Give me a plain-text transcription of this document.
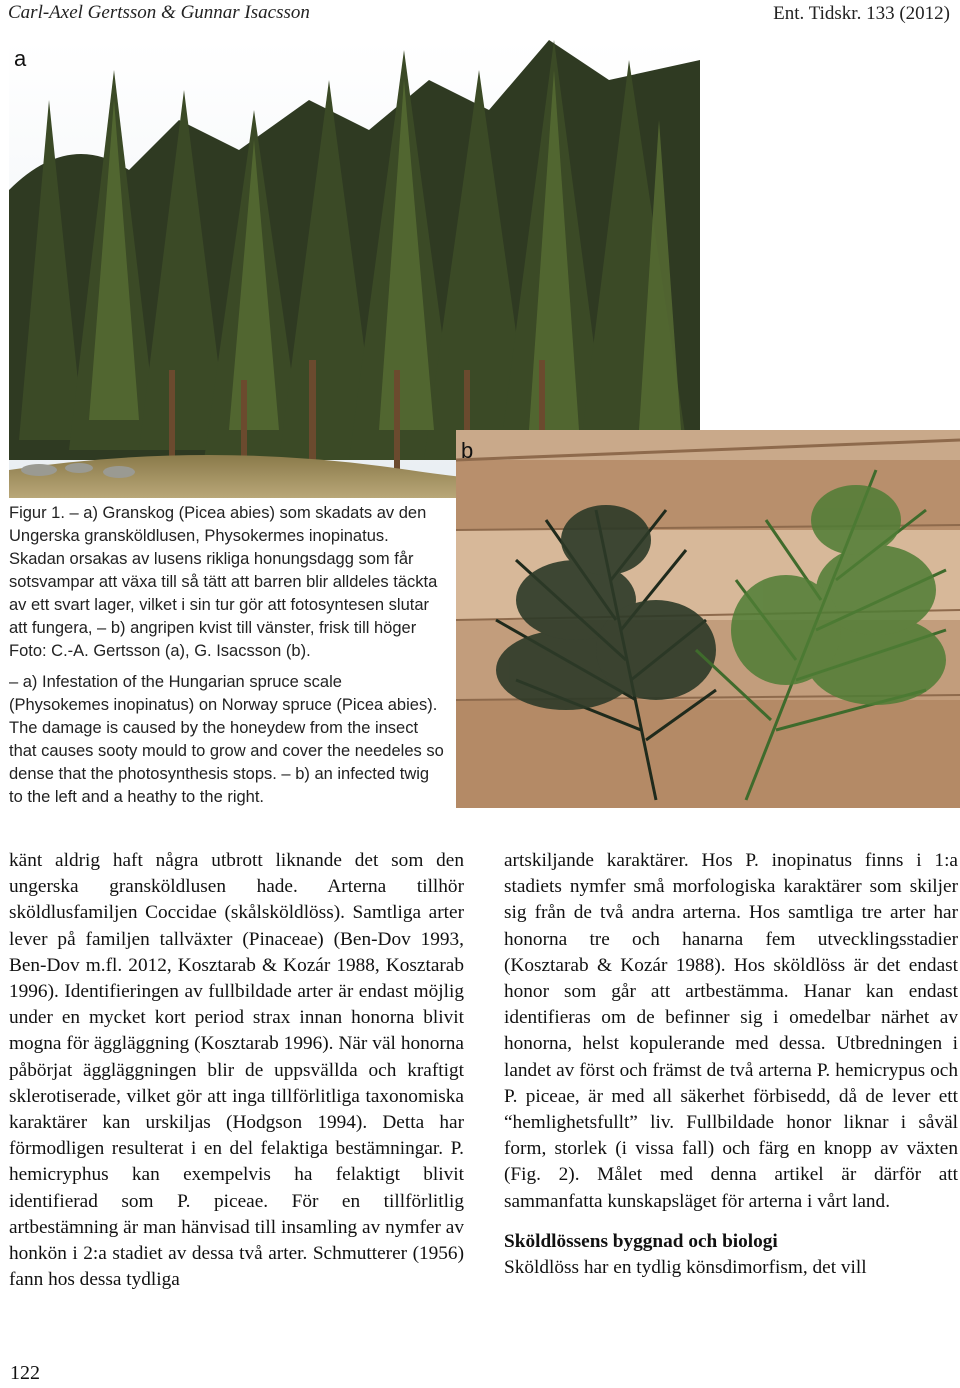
Carl-Axel Gertsson & Gunnar Isacsson	Ent. Tidskr. 133 (2012)
a
b

Figur 1. – a) Granskog (Picea abies) som skadats av den Ungerska gransköldlusen, Physokermes inopinatus. Skadan orsakas av lusens rikliga honungsdagg som får sotsvampar att växa till så tätt att barren blir alldeles täckta av ett svart lager, vilket i sin tur gör att fotosyntesen slutar att fungera, – b) angripen kvist till vänster, frisk till höger Foto: C.-A. Gertsson (a), G. Isacsson (b).

– a) Infestation of the Hungarian spruce scale (Physokemes inopinatus) on Norway spruce (Picea abies). The damage is caused by the honeydew from the insect that causes sooty mould to grow and cover the needeles so dense that the photosynthesis stops. – b) an infected twig to the left and a heathy to the right.

känt aldrig haft några utbrott liknande det som den ungerska gransköldlusen hade. Arterna tillhör sköldlusfamiljen Coccidae (skålsköldlöss). Samtliga arter lever på familjen tallväxter (Pinaceae) (Ben-Dov 1993, Ben-Dov m.fl. 2012, Kosztarab & Kozár 1988, Kosztarab 1996). Identifieringen av fullbildade arter är endast möjlig under en mycket kort period strax innan honorna blivit mogna för äggläggning (Kosztarab 1996). När väl honorna påbörjat äggläggningen blir de uppsvällda och kraftigt sklerotiserade, vilket gör att inga tillförlitliga taxonomiska karaktärer kan urskiljas (Hodgson 1994). Detta har förmodligen resulterat i en del felaktiga bestämningar. P. hemicryphus kan exempelvis ha felaktigt blivit identifierad som P. piceae. För en tillförlitlig artbestämning är man hänvisad till insamling av nymfer av honkön i 2:a stadiet av dessa två arter. Schmutterer (1956) fann hos dessa tydliga

artskiljande karaktärer. Hos P. inopinatus finns i 1:a stadiets nymfer små morfologiska karaktärer som skiljer sig från de två andra arterna. Hos samtliga tre arter har honorna tre och hanarna fem utvecklingsstadier (Kosztarab & Kozár 1988). Hos sköldlöss är det endast honor som går att artbestämma. Hanar kan endast identifieras om de befinner sig i omedelbar närhet av honorna, helst kopulerande med dessa. Utbredningen i landet av först och främst de två arterna P. hemicrypus och P. piceae, är med all säkerhet förbisedd, då de lever ett “hemlighetsfullt” liv. Fullbildade honor liknar i såväl form, storlek (i vissa fall) och färg en knopp av växten (Fig. 2). Målet med denna artikel är därför att sammanfatta kunskapsläget för arterna i vårt land.

Sköldlössens byggnad och biologi

Sköldlöss har en tydlig könsdimorfism, det vill

122
